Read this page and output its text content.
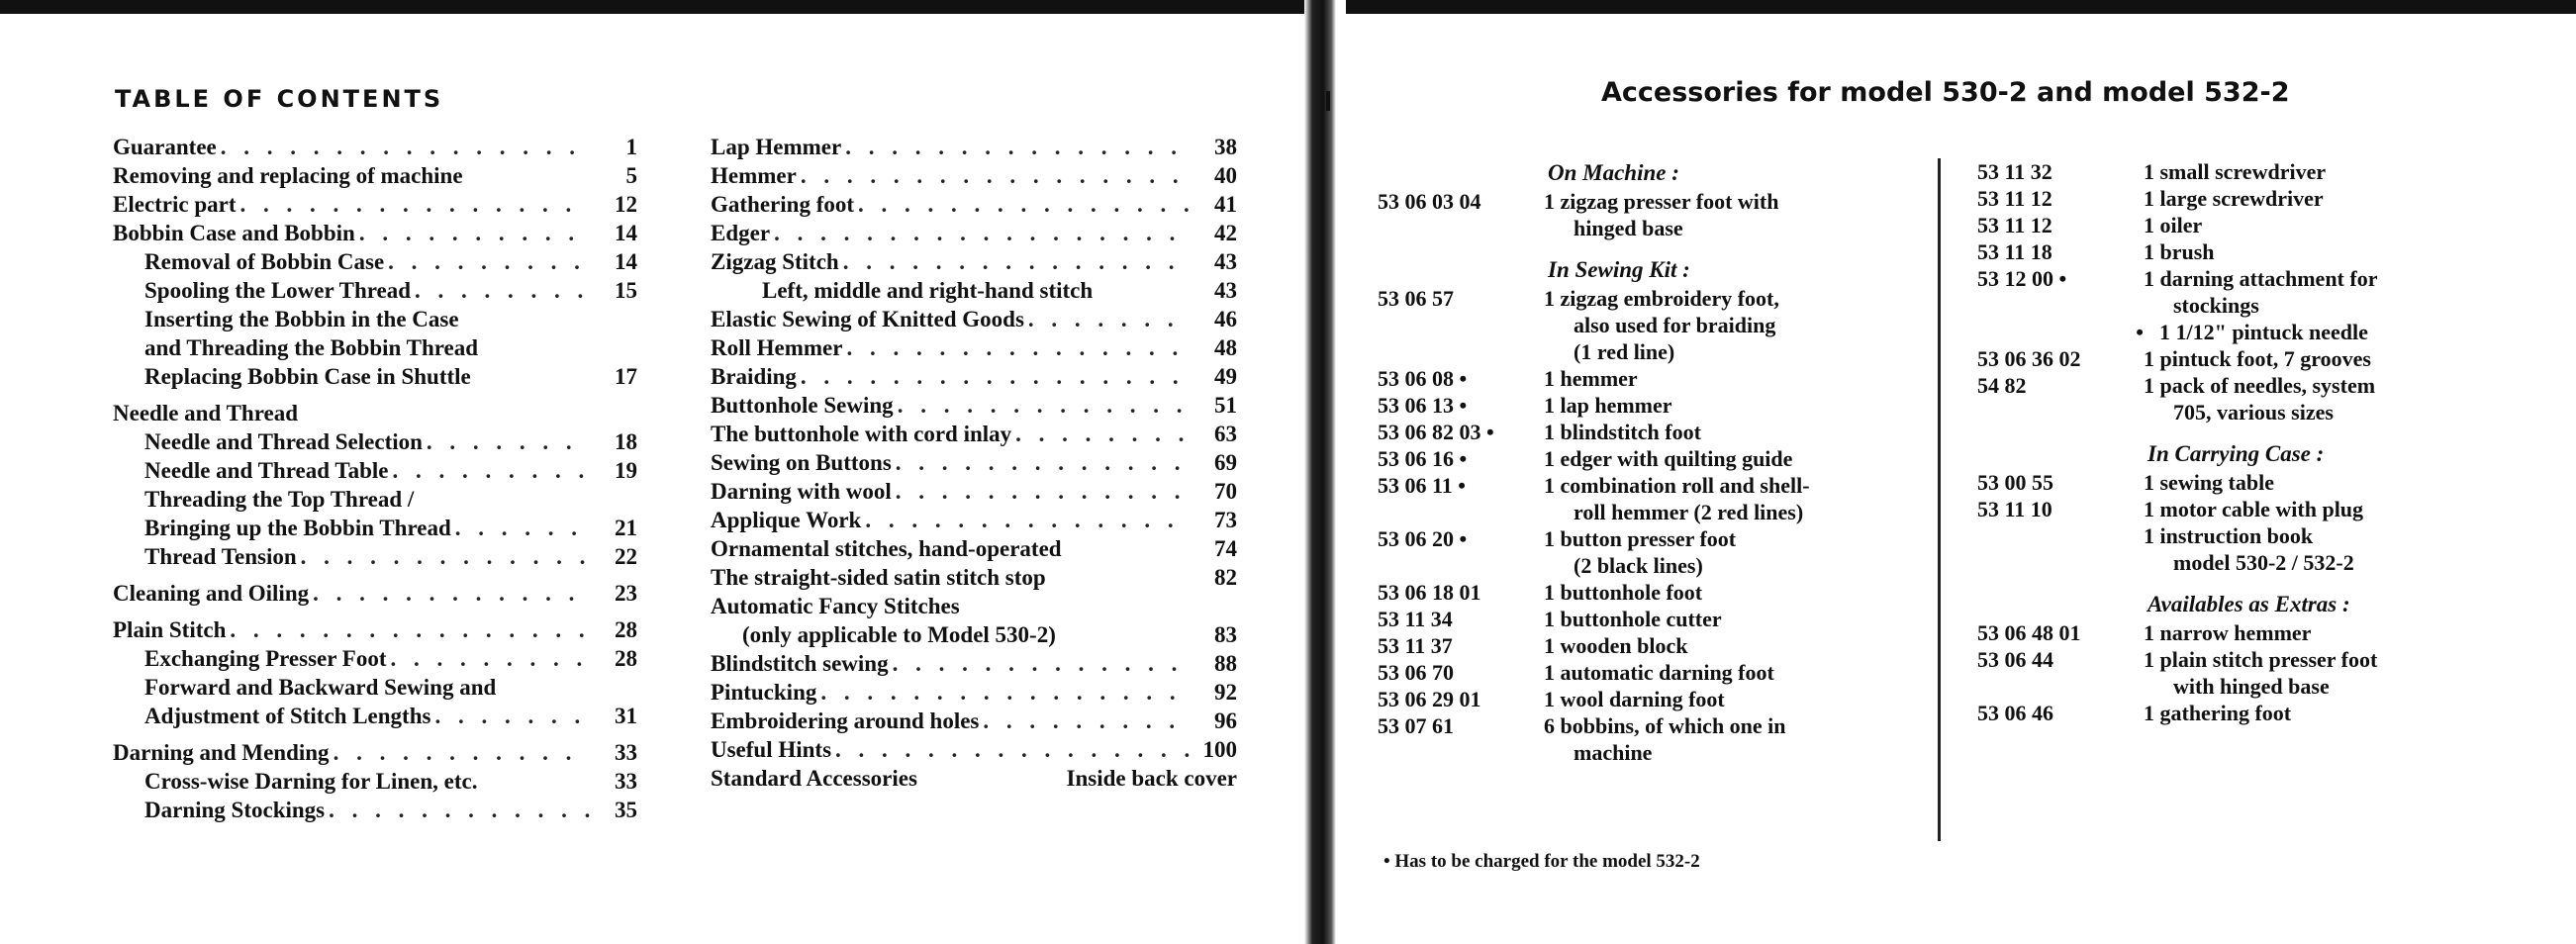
TABLE OF CONTENTS
Guarantee . . .	1
Removing and replacing of machine	5
Electric part . . .	12
Bobbin Case and Bobbin . . .	14
Removal of Bobbin Case . . .	14
Spooling the Lower Thread . . .	15
Inserting the Bobbin in the Case
and Threading the Bobbin Thread
Replacing Bobbin Case in Shuttle	17
Needle and Thread
Needle and Thread Selection . . .	18
Needle and Thread Table . . .	19
Threading the Top Thread /
Bringing up the Bobbin Thread . . .	21
Thread Tension . . .	22
Cleaning and Oiling . . .	23
Plain Stitch . . .	28
Exchanging Presser Foot . . .	28
Forward and Backward Sewing and
Adjustment of Stitch Lengths . . .	31
Darning and Mending . . .	33
Cross-wise Darning for Linen, etc.	33
Darning Stockings . . .	35
Lap Hemmer . . .	38
Hemmer . . .	40
Gathering foot . . .	41
Edger . . .	42
Zigzag Stitch . . .	43
Left, middle and right-hand stitch	43
Elastic Sewing of Knitted Goods . . .	46
Roll Hemmer . . .	48
Braiding . . .	49
Buttonhole Sewing . . .	51
The buttonhole with cord inlay . . .	63
Sewing on Buttons . . .	69
Darning with wool . . .	70
Applique Work . . .	73
Ornamental stitches, hand-operated	74
The straight-sided satin stitch stop	82
Automatic Fancy Stitches
(only applicable to Model 530-2)	83
Blindstitch sewing . . .	88
Pintucking . . .	92
Embroidering around holes . . .	96
Useful Hints . . .	100
Standard Accessories	Inside back cover
Accessories for model 530-2 and model 532-2
On Machine :
53 06 03 04	1 zigzag presser foot with
hinged base
In Sewing Kit :
53 06 57	1 zigzag embroidery foot,
also used for braiding
(1 red line)
53 06 08 •	1 hemmer
53 06 13 •	1 lap hemmer
53 06 82 03 •	1 blindstitch foot
53 06 16 •	1 edger with quilting guide
53 06 11 •	1 combination roll and shell-
roll hemmer (2 red lines)
53 06 20 •	1 button presser foot
(2 black lines)
53 06 18 01	1 buttonhole foot
53 11 34	1 buttonhole cutter
53 11 37	1 wooden block
53 06 70	1 automatic darning foot
53 06 29 01	1 wool darning foot
53 07 61	6 bobbins, of which one in
machine
53 11 32	1 small screwdriver
53 11 12	1 large screwdriver
53 11 12	1 oiler
53 11 18	1 brush
53 12 00 •	1 darning attachment for
stockings
• 1 1/12" pintuck needle
53 06 36 02	1 pintuck foot, 7 grooves
54 82	1 pack of needles, system
705, various sizes
In Carrying Case :
53 00 55	1 sewing table
53 11 10	1 motor cable with plug
1 instruction book
model 530-2 / 532-2
Availables as Extras :
53 06 48 01	1 narrow hemmer
53 06 44	1 plain stitch presser foot
with hinged base
53 06 46	1 gathering foot
• Has to be charged for the model 532-2
